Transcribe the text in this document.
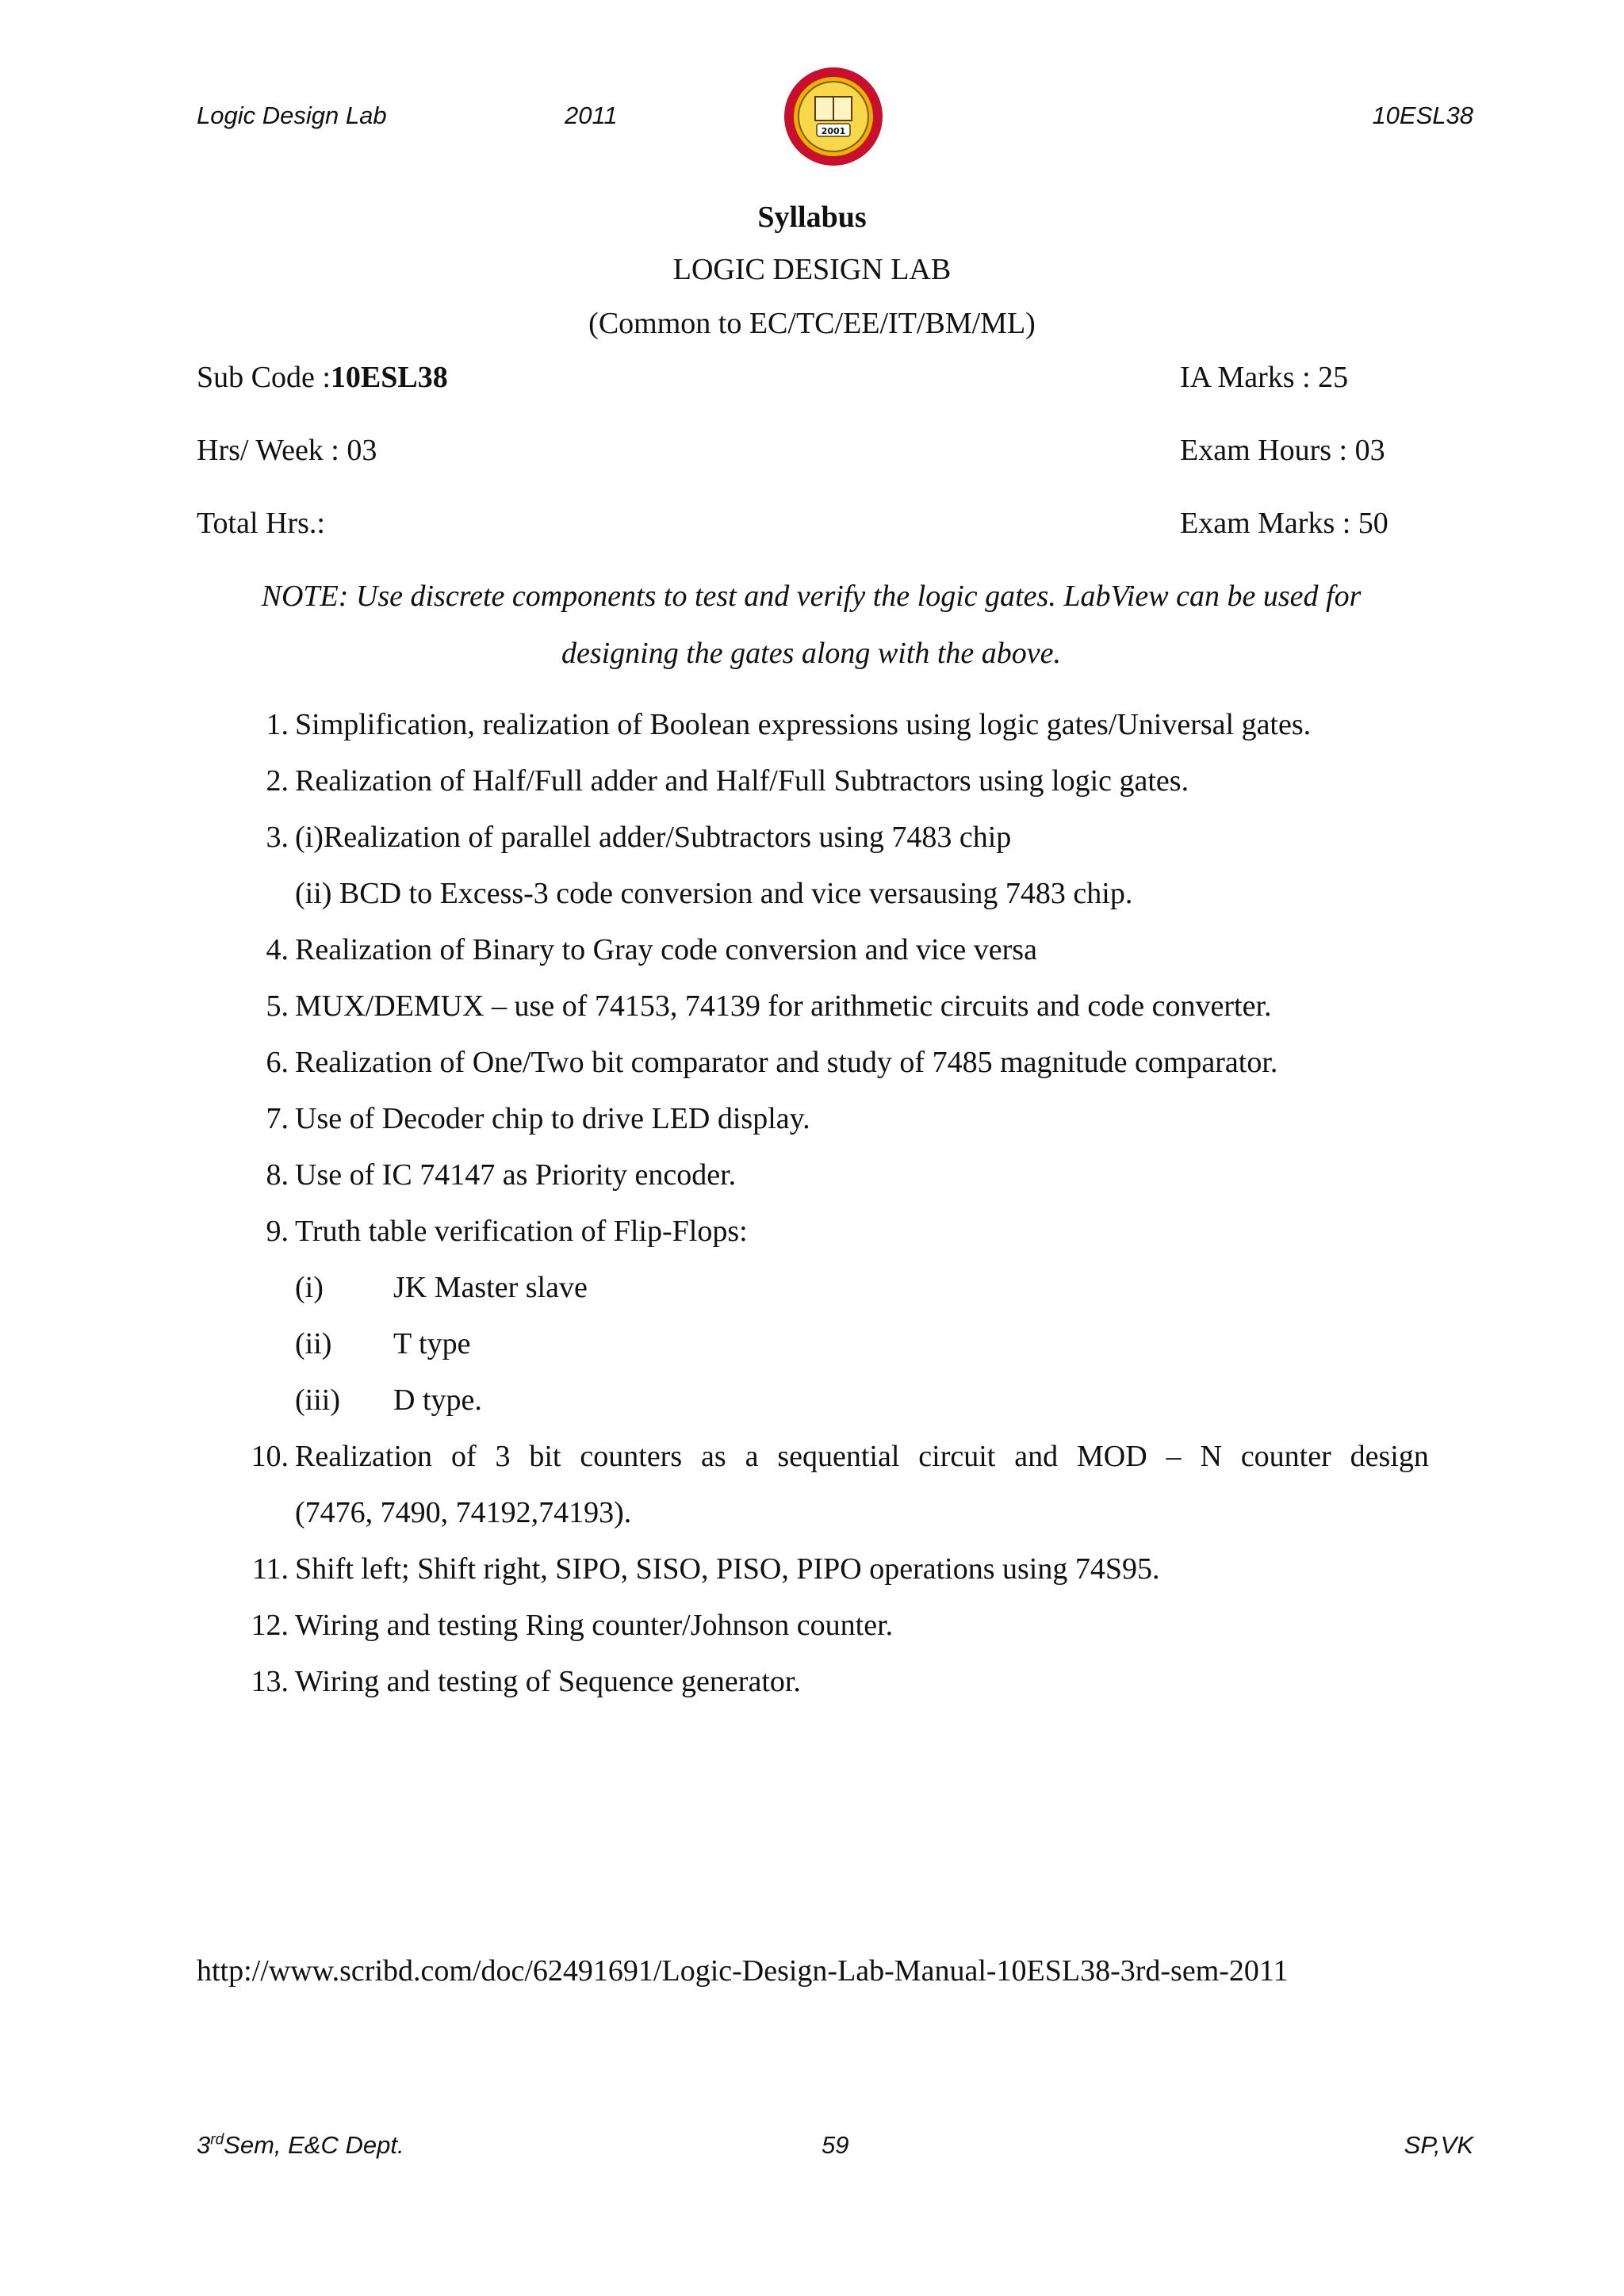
Logic Design Lab	2011	10ESL38
2001
Syllabus
LOGIC DESIGN LAB
(Common to EC/TC/EE/IT/BM/ML)
Sub Code :10ESL38	IA Marks : 25
Hrs/ Week : 03	Exam Hours : 03
Total Hrs.:	Exam Marks : 50
NOTE: Use discrete components to test and verify the logic gates. LabView can be used for
designing the gates along with the above.
1. Simplification, realization of Boolean expressions using logic gates/Universal gates.
2. Realization of Half/Full adder and Half/Full Subtractors using logic gates.
3. (i)Realization of parallel adder/Subtractors using 7483 chip
(ii) BCD to Excess-3 code conversion and vice versausing 7483 chip.
4. Realization of Binary to Gray code conversion and vice versa
5. MUX/DEMUX – use of 74153, 74139 for arithmetic circuits and code converter.
6. Realization of One/Two bit comparator and study of 7485 magnitude comparator.
7. Use of Decoder chip to drive LED display.
8. Use of IC 74147 as Priority encoder.
9. Truth table verification of Flip-Flops:
(i) JK Master slave
(ii) T type
(iii) D type.
10. Realization of 3 bit counters as a sequential circuit and MOD – N counter design
(7476, 7490, 74192,74193).
11. Shift left; Shift right, SIPO, SISO, PISO, PIPO operations using 74S95.
12. Wiring and testing Ring counter/Johnson counter.
13. Wiring and testing of Sequence generator.
http://www.scribd.com/doc/62491691/Logic-Design-Lab-Manual-10ESL38-3rd-sem-2011
3rdSem, E&C Dept.	59	SP,VK
